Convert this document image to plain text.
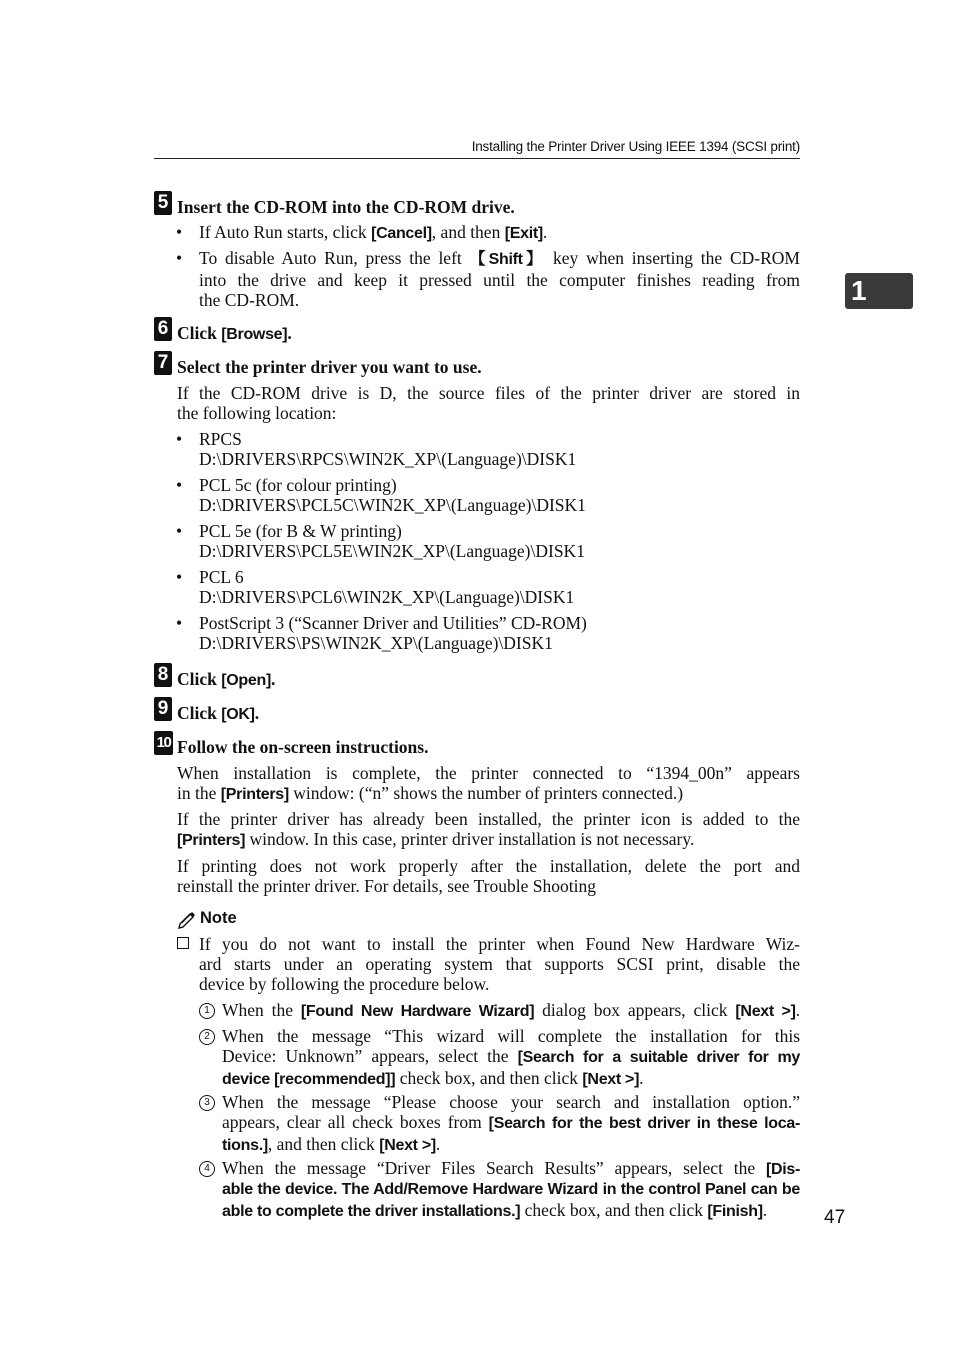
Installing the Printer Driver Using IEEE 1394 (SCSI print)
1
5 Insert the CD-ROM into the CD-ROM drive.
• If Auto Run starts, click [Cancel], and then [Exit].
• To disable Auto Run, press the left 【Shift】 key when inserting the CD-ROM
into the drive and keep it pressed until the computer finishes reading from
the CD-ROM.
6 Click [Browse].
7 Select the printer driver you want to use.
If the CD-ROM drive is D, the source files of the printer driver are stored in
the following location:
• RPCS
D:\DRIVERS\RPCS\WIN2K_XP\(Language)\DISK1
• PCL 5c (for colour printing)
D:\DRIVERS\PCL5C\WIN2K_XP\(Language)\DISK1
• PCL 5e (for B & W printing)
D:\DRIVERS\PCL5E\WIN2K_XP\(Language)\DISK1
• PCL 6
D:\DRIVERS\PCL6\WIN2K_XP\(Language)\DISK1
• PostScript 3 (“Scanner Driver and Utilities” CD-ROM)
D:\DRIVERS\PS\WIN2K_XP\(Language)\DISK1
8 Click [Open].
9 Click [OK].
10 Follow the on-screen instructions.
When installation is complete, the printer connected to “1394_00n” appears
in the [Printers] window: (“n” shows the number of printers connected.)
If the printer driver has already been installed, the printer icon is added to the
[Printers] window. In this case, printer driver installation is not necessary.
If printing does not work properly after the installation, delete the port and
reinstall the printer driver. For details, see Trouble Shooting
Note
If you do not want to install the printer when Found New Hardware Wiz-
ard starts under an operating system that supports SCSI print, disable the
device by following the procedure below.
1 When the [Found New Hardware Wizard] dialog box appears, click [Next >].
2 When the message “This wizard will complete the installation for this
Device: Unknown” appears, select the [Search for a suitable driver for my
device [recommended]] check box, and then click [Next >].
3 When the message “Please choose your search and installation option.”
appears, clear all check boxes from [Search for the best driver in these loca-
tions.], and then click [Next >].
4 When the message “Driver Files Search Results” appears, select the [Dis-
able the device. The Add/Remove Hardware Wizard in the control Panel can be
able to complete the driver installations.] check box, and then click [Finish].	47
